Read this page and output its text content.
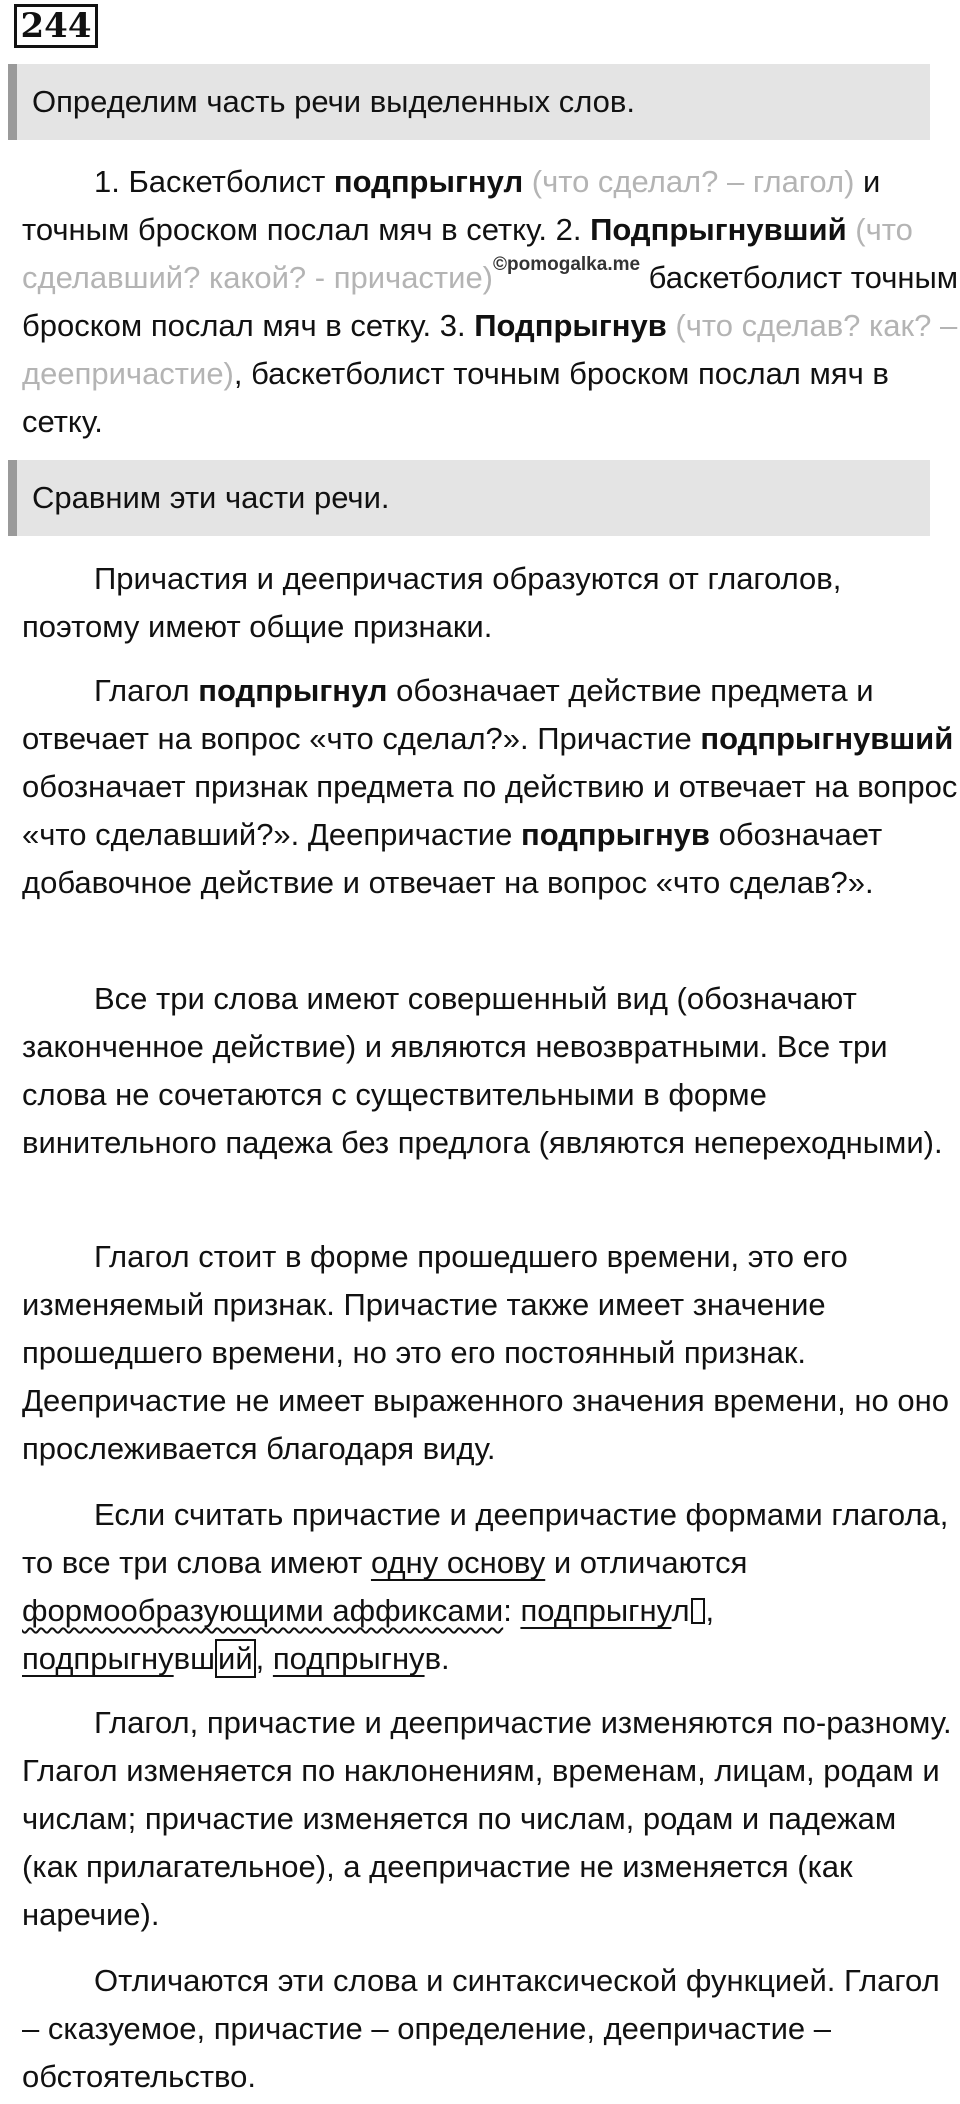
244
Определим часть речи выделенных слов.

1. Баскетболист подпрыгнул (что сделал? – глагол) и точным броском послал мяч в сетку. 2. Подпрыгнувший (что сделавший? какой? - причастие)©pomogalka.me баскетболист точным броском послал мяч в сетку. 3. Подпрыгнув (что сделав? как? – деепричастие), баскетболист точным броском послал мяч в сетку.

Сравним эти части речи.

Причастия и деепричастия образуются от глаголов, поэтому имеют общие признаки.

Глагол подпрыгнул обозначает действие предмета и отвечает на вопрос «что сделал?». Причастие подпрыгнувший обозначает признак предмета по действию и отвечает на вопрос «что сделавший?». Деепричастие подпрыгнув обозначает добавочное действие и отвечает на вопрос «что сделав?».

Все три слова имеют совершенный вид (обозначают законченное действие) и являются невозвратными. Все три слова не сочетаются с существительными в форме винительного падежа без предлога (являются непереходными).

Глагол стоит в форме прошедшего времени, это его изменяемый признак. Причастие также имеет значение прошедшего времени, но это его постоянный признак. Деепричастие не имеет выраженного значения времени, но оно прослеживается благодаря виду.

Если считать причастие и деепричастие формами глагола, то все три слова имеют одну основу и отличаются формообразующими аффиксами: подпрыгнул , подпрыгнувший, подпрыгнув.

Глагол, причастие и деепричастие изменяются по-разному. Глагол изменяется по наклонениям, временам, лицам, родам и числам; причастие изменяется по числам, родам и падежам (как прилагательное), а деепричастие не изменяется (как наречие).

Отличаются эти слова и синтаксической функцией. Глагол – сказуемое, причастие – определение, деепричастие – обстоятельство.
